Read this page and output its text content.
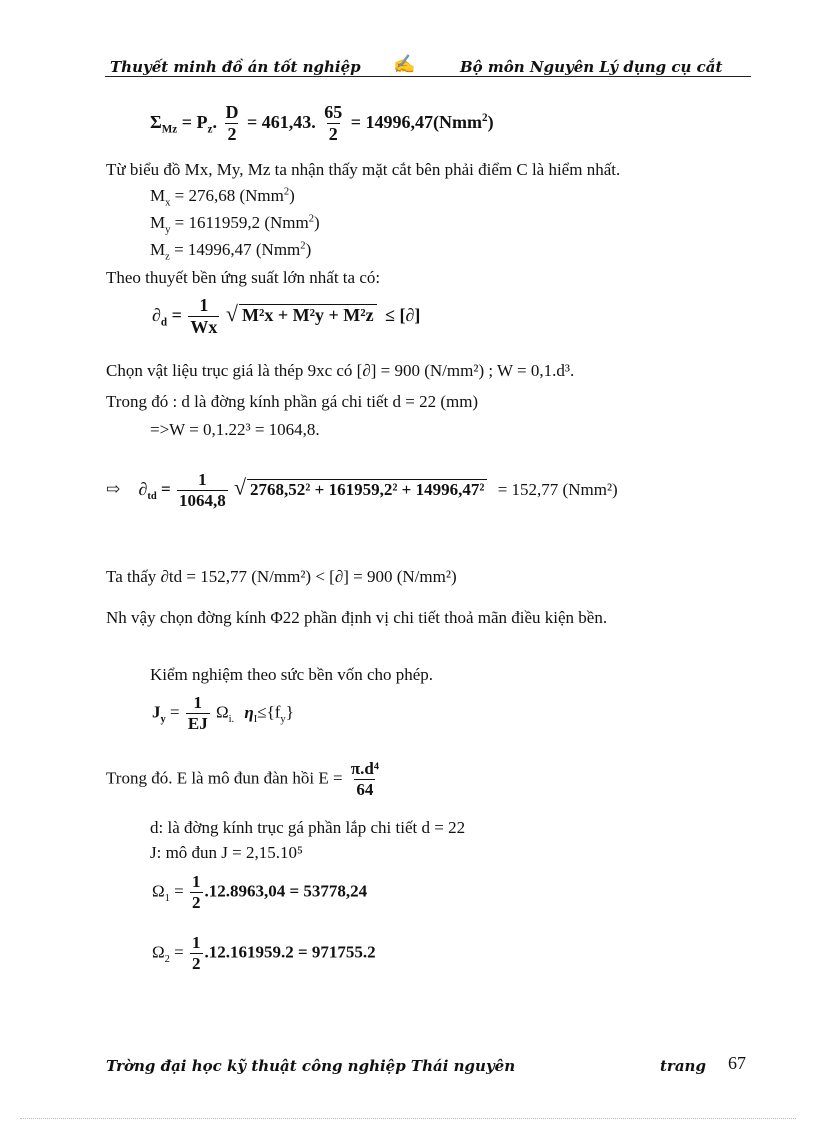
Thuyết minh đồ án tốt nghiệp ✍	Bộ môn Nguyên Lý dụng cụ cắt
$\Sigma_{Mz} = P_z$. $\frac{D}{2} = 461,43$. $\frac{65}{2} = 14996,47(Nmm^2)$
Từ biểu đồ Mx, My, Mz ta nhận thấy mặt cắt bên phải điểm C là hiểm nhất.
$M_x = 276,68$ (Nmm$^2$)
$M_y = 1611959,2$ (Nmm$^2$)
$M_z = 14996,47$ (Nmm$^2$)
Theo thuyết bền ứng suất lớn nhất ta có:
$\partial_d = \frac{1}{Wx}$ √ M²x + M²y + M²z ≤ [∂]
Chọn vật liệu trục giá là thép 9xc có [∂] = 900 (N/mm²) ; W = 0,1.d³.
Trong đó : d là đờng kính phần gá chi tiết d = 22 (mm)
=>W = 0,1.22³ = 1064,8.
⇨ $\partial_{td} = \frac{1}{1064,8}$ √ 2768,52² + 161959,2² + 14996,47² = 152,77 (Nmm²)
Ta thấy ∂td = 152,77 (N/mm²) < [∂] = 900 (N/mm²)
Nh vậy chọn đờng kính Φ22 phần định vị chi tiết thoả mãn điều kiện bền.
Kiểm nghiệm theo sức bền vốn cho phép.
$J_y = \frac{1}{EJ} \Omega_{i.}$ $\eta_I\le\{f_y\}$
Trong đó. E là mô đun đàn hồi $E = \frac{\text{π.d⁴}}{64}$
d: là đờng kính trục gá phần lắp chi tiết d = 22
J: mô đun J = 2,15.10⁵
$\Omega_1 = \frac{1}{2} .12.8963,04 = 53778,24$
$\Omega_2 = \frac{1}{2} .12.161959.2 = 971755.2$
Trờng đại học kỹ thuật công nghiệp Thái nguyên	trang 67
